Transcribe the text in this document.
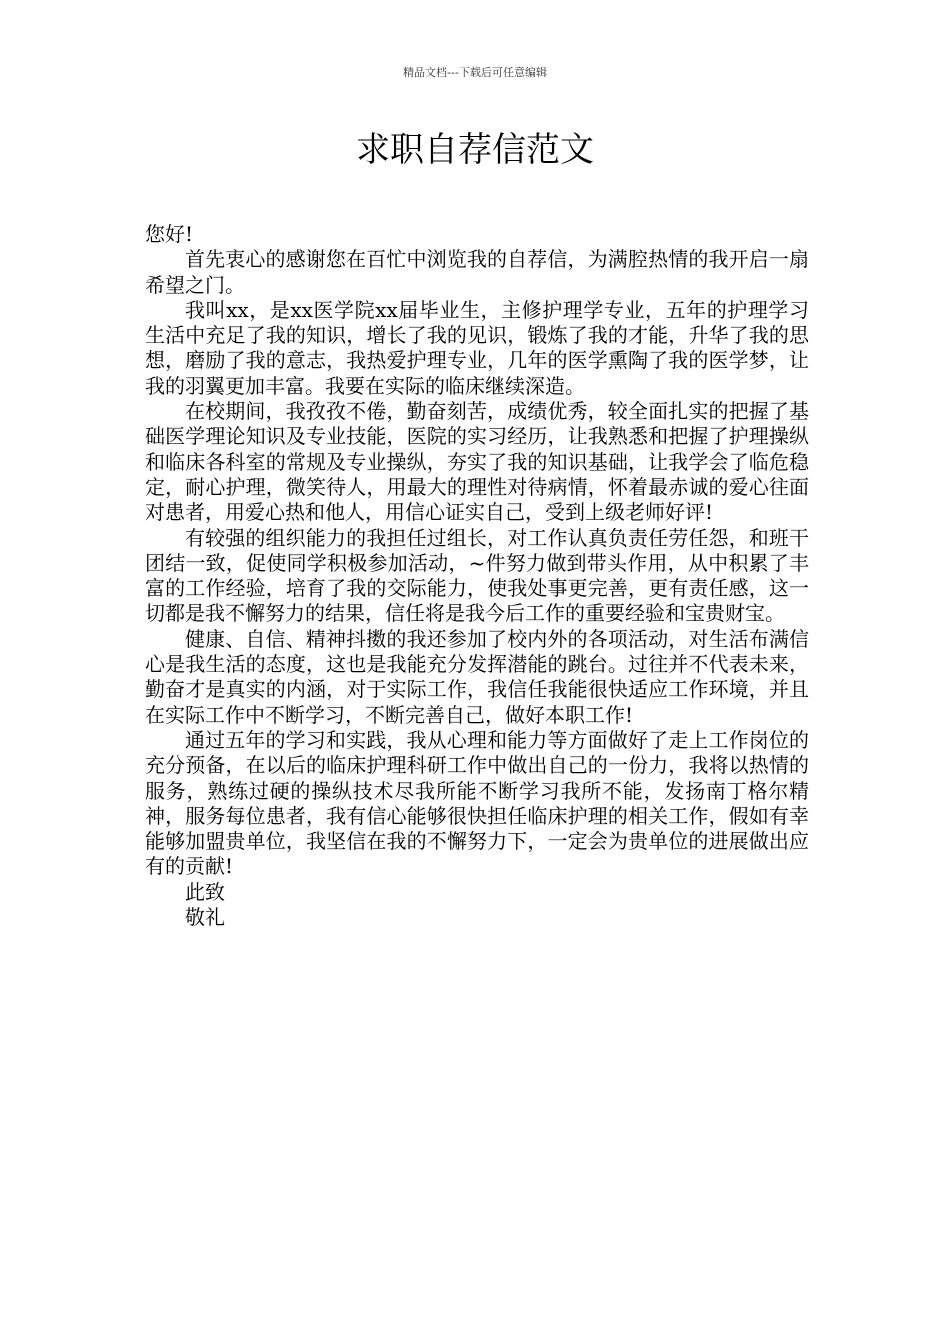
精品文档---下载后可任意编辑
求职自荐信范文

您好!

首先衷心的感谢您在百忙中浏览我的自荐信，为满腔热情的我开启一扇希望之门。

我叫xx，是xx医学院xx届毕业生，主修护理学专业，五年的护理学习生活中充足了我的知识，增长了我的见识，锻炼了我的才能，升华了我的思想，磨励了我的意志，我热爱护理专业，几年的医学熏陶了我的医学梦，让我的羽翼更加丰富。我要在实际的临床继续深造。

在校期间，我孜孜不倦，勤奋刻苦，成绩优秀，较全面扎实的把握了基础医学理论知识及专业技能，医院的实习经历，让我熟悉和把握了护理操纵和临床各科室的常规及专业操纵，夯实了我的知识基础，让我学会了临危稳定，耐心护理，微笑待人，用最大的理性对待病情，怀着最赤诚的爱心往面对患者，用爱心热和他人，用信心证实自己，受到上级老师好评!

有较强的组织能力的我担任过组长，对工作认真负责任劳任怨，和班干团结一致，促使同学积极参加活动，~件努力做到带头作用，从中积累了丰富的工作经验，培育了我的交际能力，使我处事更完善，更有责任感，这一切都是我不懈努力的结果，信任将是我今后工作的重要经验和宝贵财宝。

健康、自信、精神抖擞的我还参加了校内外的各项活动，对生活布满信心是我生活的态度，这也是我能充分发挥潜能的跳台。过往并不代表未来，勤奋才是真实的内涵，对于实际工作，我信任我能很快适应工作环境，并且在实际工作中不断学习，不断完善自己，做好本职工作!

通过五年的学习和实践，我从心理和能力等方面做好了走上工作岗位的充分预备，在以后的临床护理科研工作中做出自己的一份力，我将以热情的服务，熟练过硬的操纵技术尽我所能不断学习我所不能，发扬南丁格尔精神，服务每位患者，我有信心能够很快担任临床护理的相关工作，假如有幸能够加盟贵单位，我坚信在我的不懈努力下，一定会为贵单位的进展做出应有的贡献!

此致

敬礼
